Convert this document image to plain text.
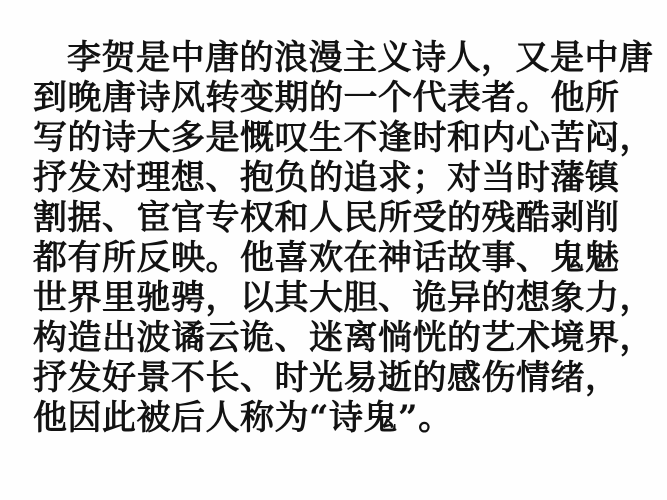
李贺是中唐的浪漫主义诗人，又是中唐
到晚唐诗风转变期的一个代表者。他所
写的诗大多是慨叹生不逢时和内心苦闷，
抒发对理想、抱负的追求；对当时藩镇
割据、宦官专权和人民所受的残酷剥削
都有所反映。他喜欢在神话故事、鬼魅
世界里驰骋，以其大胆、诡异的想象力，
构造出波谲云诡、迷离惝恍的艺术境界，
抒发好景不长、时光易逝的感伤情绪，
他因此被后人称为“诗鬼”。
